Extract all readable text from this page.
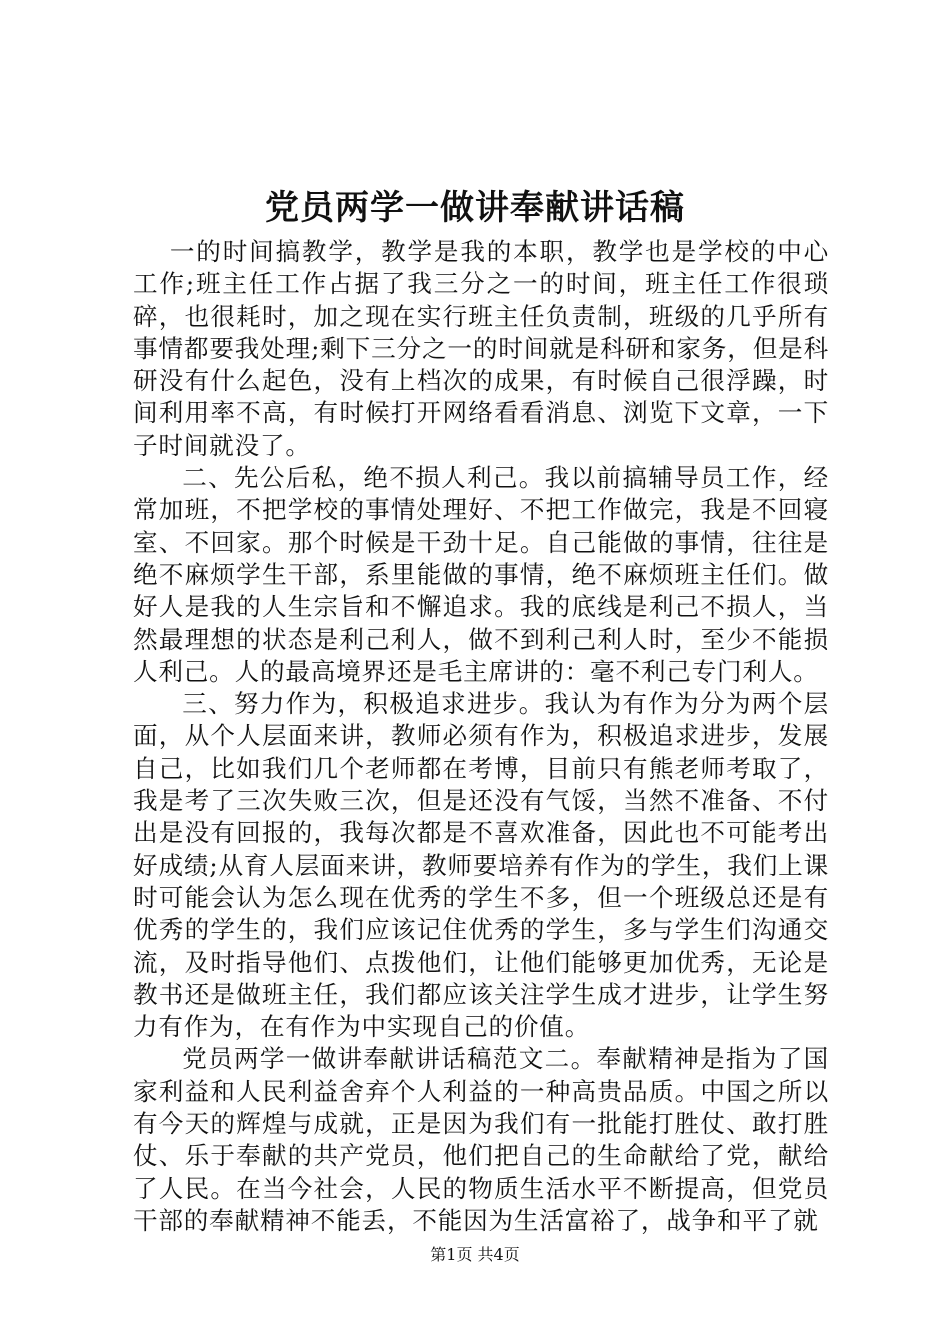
党员两学一做讲奉献讲话稿

一的时间搞教学，教学是我的本职，教学也是学校的中心工作;班主任工作占据了我三分之一的时间，班主任工作很琐碎，也很耗时，加之现在实行班主任负责制，班级的几乎所有事情都要我处理;剩下三分之一的时间就是科研和家务，但是科研没有什么起色，没有上档次的成果，有时候自己很浮躁，时间利用率不高，有时候打开网络看看消息、浏览下文章，一下子时间就没了。

二、先公后私，绝不损人利己。我以前搞辅导员工作，经常加班，不把学校的事情处理好、不把工作做完，我是不回寝室、不回家。那个时候是干劲十足。自己能做的事情，往往是绝不麻烦学生干部，系里能做的事情，绝不麻烦班主任们。做好人是我的人生宗旨和不懈追求。我的底线是利己不损人，当然最理想的状态是利己利人，做不到利己利人时，至少不能损人利己。人的最高境界还是毛主席讲的：毫不利己专门利人。

三、努力作为，积极追求进步。我认为有作为分为两个层面，从个人层面来讲，教师必须有作为，积极追求进步，发展自己，比如我们几个老师都在考博，目前只有熊老师考取了，我是考了三次失败三次，但是还没有气馁，当然不准备、不付出是没有回报的，我每次都是不喜欢准备，因此也不可能考出好成绩;从育人层面来讲，教师要培养有作为的学生，我们上课时可能会认为怎么现在优秀的学生不多，但一个班级总还是有优秀的学生的，我们应该记住优秀的学生，多与学生们沟通交流，及时指导他们、点拨他们，让他们能够更加优秀，无论是教书还是做班主任，我们都应该关注学生成才进步，让学生努力有作为，在有作为中实现自己的价值。

党员两学一做讲奉献讲话稿范文二。奉献精神是指为了国家利益和人民利益舍弃个人利益的一种高贵品质。中国之所以有今天的辉煌与成就，正是因为我们有一批能打胜仗、敢打胜仗、乐于奉献的共产党员，他们把自己的生命献给了党，献给了人民。在当今社会，人民的物质生活水平不断提高，但党员干部的奉献精神不能丢，不能因为生活富裕了，战争和平了就

第1页 共4页
